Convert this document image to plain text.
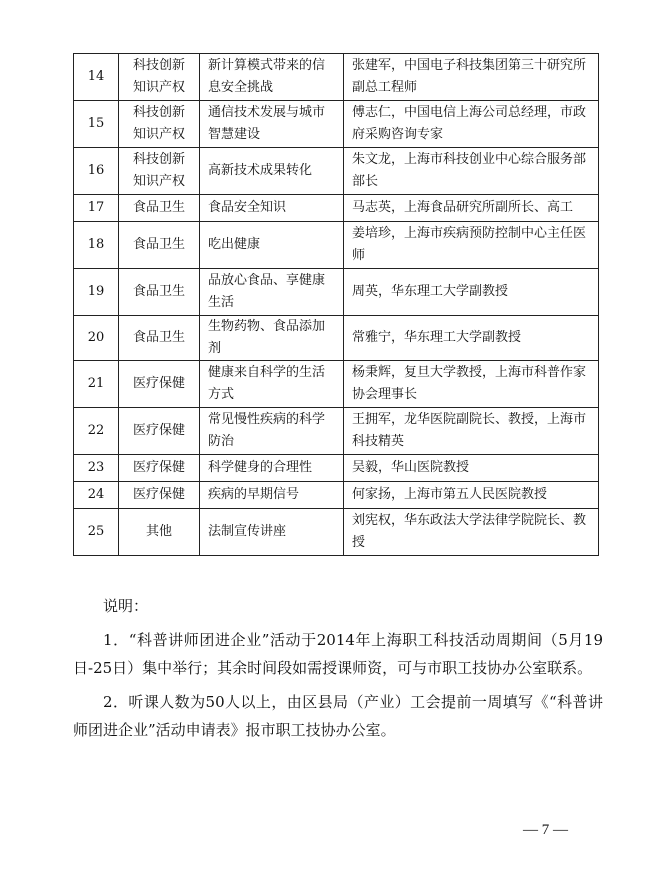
14	科技创新知识产权	新计算模式带来的信息安全挑战	张建军，中国电子科技集团第三十研究所副总工程师
15	科技创新知识产权	通信技术发展与城市智慧建设	傅志仁，中国电信上海公司总经理，市政府采购咨询专家
16	科技创新知识产权	高新技术成果转化	朱文龙，上海市科技创业中心综合服务部部长
17	食品卫生	食品安全知识	马志英，上海食品研究所副所长、高工
18	食品卫生	吃出健康	姜培珍，上海市疾病预防控制中心主任医师
19	食品卫生	品放心食品、享健康生活	周英，华东理工大学副教授
20	食品卫生	生物药物、食品添加剂	常雅宁，华东理工大学副教授
21	医疗保健	健康来自科学的生活方式	杨秉辉，复旦大学教授，上海市科普作家协会理事长
22	医疗保健	常见慢性疾病的科学防治	王拥军，龙华医院副院长、教授，上海市科技精英
23	医疗保健	科学健身的合理性	吴毅，华山医院教授
24	医疗保健	疾病的早期信号	何家扬，上海市第五人民医院教授
25	其他	法制宣传讲座	刘宪权，华东政法大学法律学院院长、教授

说明：

1．“科普讲师团进企业”活动于2014年上海职工科技活动周期间（5月19日-25日）集中举行；其余时间段如需授课师资，可与市职工技协办公室联系。

2．听课人数为50人以上，由区县局（产业）工会提前一周填写《“科普讲师团进企业”活动申请表》报市职工技协办公室。

— 7 —
